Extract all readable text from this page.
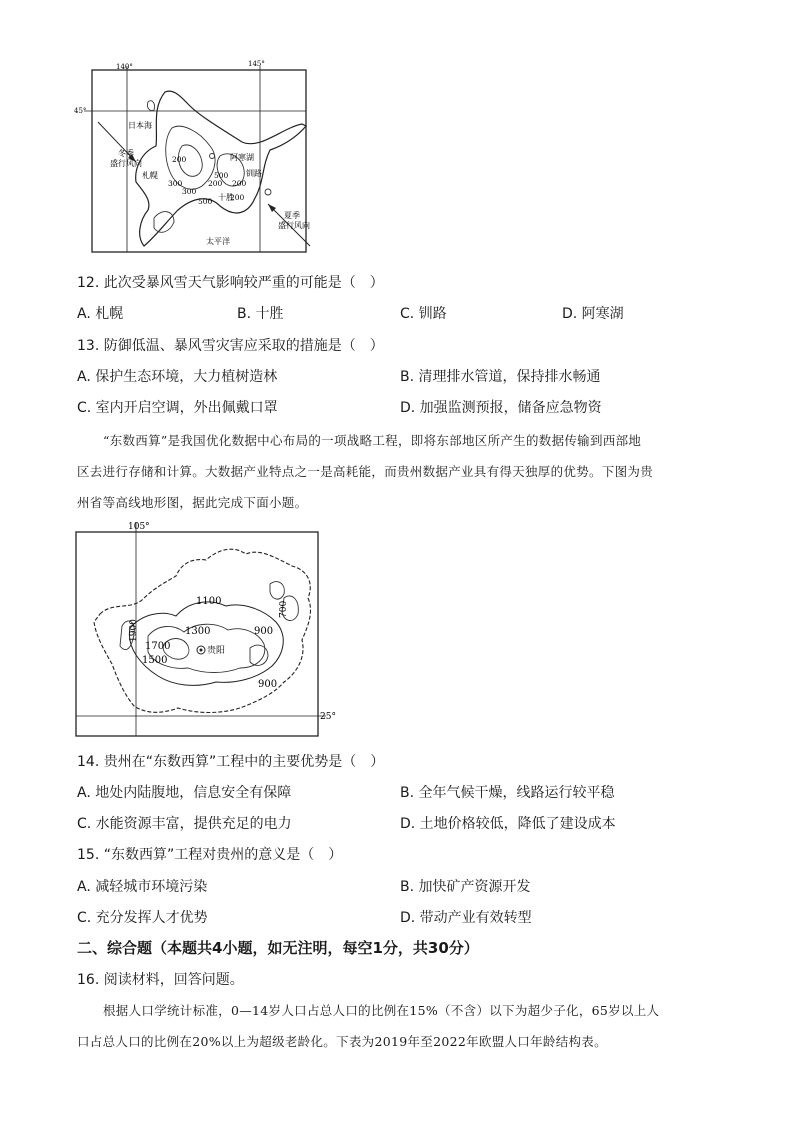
140°	145°
45°
日本海
太平洋
冬季
盛行风向
夏季
盛行风向
札幌
十胜
钏路
阿寒湖
200
500
300	200
300
500
200
200
12. 此次受暴风雪天气影响较严重的可能是（　）
A. 札幌	B. 十胜	C. 钏路	D. 阿寒湖
13. 防御低温、暴风雪灾害应采取的措施是（　）
A. 保护生态环境，大力植树造林	B. 清理排水管道，保持排水畅通
C. 室内开启空调，外出佩戴口罩	D. 加强监测预报，储备应急物资
“东数西算”是我国优化数据中心布局的一项战略工程，即将东部地区所产生的数据传输到西部地
区去进行存储和计算。大数据产业特点之一是高耗能，而贵州数据产业具有得天独厚的优势。下图为贵
州省等高线地形图，据此完成下面小题。
105°
25°
贵阳
1100
1300
1700
1500
1900	900
900
700
14. 贵州在“东数西算”工程中的主要优势是（　）
A. 地处内陆腹地，信息安全有保障	B. 全年气候干燥，线路运行较平稳
C. 水能资源丰富，提供充足的电力	D. 土地价格较低，降低了建设成本
15. “东数西算”工程对贵州的意义是（　）
A. 减轻城市环境污染	B. 加快矿产资源开发
C. 充分发挥人才优势	D. 带动产业有效转型
二、综合题（本题共4小题，如无注明，每空1分，共30分）
16. 阅读材料，回答问题。
根据人口学统计标准，0—14岁人口占总人口的比例在15%（不含）以下为超少子化，65岁以上人
口占总人口的比例在20%以上为超级老龄化。下表为2019年至2022年欧盟人口年龄结构表。
